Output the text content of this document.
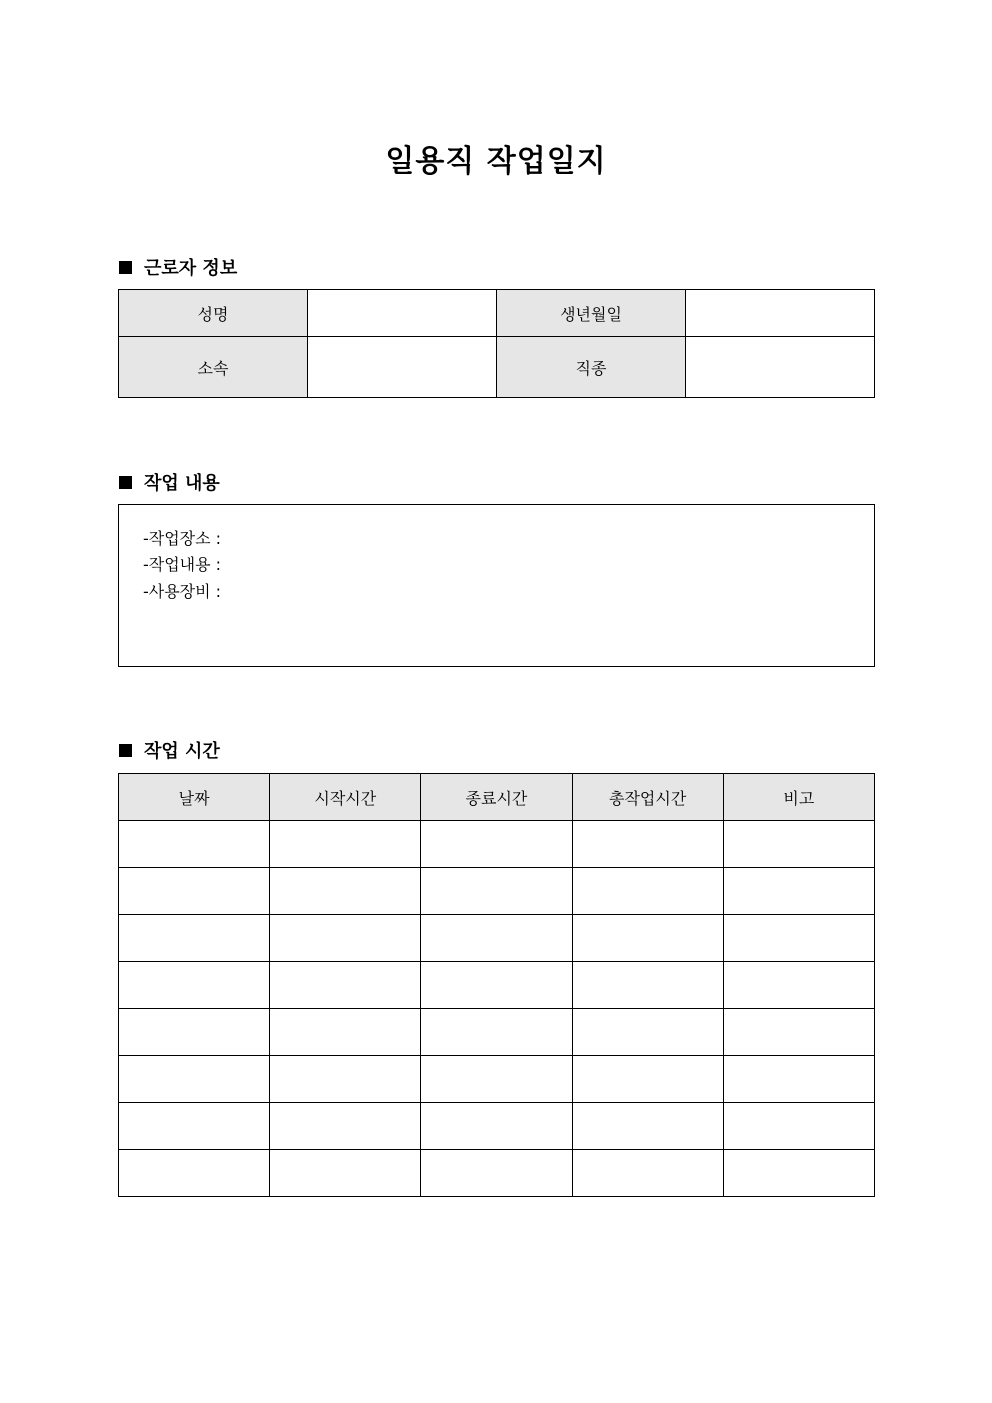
일용직 작업일지
근로자 정보
성명		생년월일	
소속		직종	
작업 내용
-작업장소 :
-작업내용 :
-사용장비 :
작업 시간
날짜	시작시간	종료시간	총작업시간	비고
